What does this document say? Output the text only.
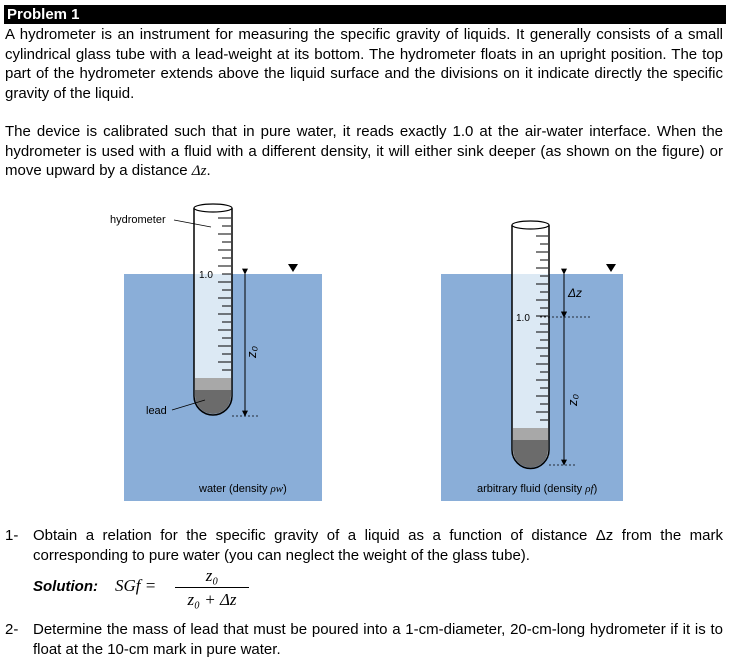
Problem 1

A hydrometer is an instrument for measuring the specific gravity of liquids. It generally consists of a small cylindrical glass tube with a lead-weight at its bottom. The hydrometer floats in an upright position. The top part of the hydrometer extends above the liquid surface and the divisions on it indicate directly the specific gravity of the liquid.

The device is calibrated such that in pure water, it reads exactly 1.0 at the air-water interface. When the hydrometer is used with a fluid with a different density, it will either sink deeper (as shown on the figure) or move upward by a distance Δz.

1.0
z₀
hydrometer
lead
water (density ρw)
1.0
Δz
z₀
arbitrary fluid (density ρf)
1- Obtain a relation for the specific gravity of a liquid as a function of distance Δz from the mark corresponding to pure water (you can neglect the weight of the glass tube).
Solution: SGf =
z₀
z₀ + Δz
2- Determine the mass of lead that must be poured into a 1-cm-diameter, 20-cm-long hydrometer if it is to float at the 10-cm mark in pure water.
